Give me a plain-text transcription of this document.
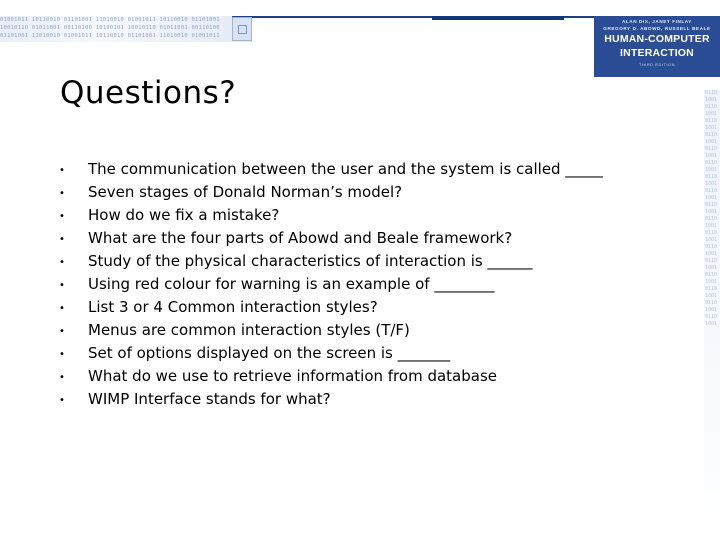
01001011 10110010 01101001 11010010 01001011 10110010 01101001
10010110 01011001 00110100 10100101 10010110 01011001 00110100
01101001 11010010 01001011 10110010 01101001 11010010 01001011
ALAN DIX, JANET FINLAY
GREGORY D. ABOWD, RUSSELL BEALE
HUMAN-COMPUTER
INTERACTION
THIRD EDITION
0110100101101001011010010110100101101001011010010110100101101001011010010110100101101001011010010110100101101001011010010110100101101001
Questions?
• The communication between the user and the system is called _____
• Seven stages of Donald Norman’s model?
• How do we fix a mistake?
• What are the four parts of Abowd and Beale framework?
• Study of the physical characteristics of interaction is ______
• Using red colour for warning is an example of ________
• List 3 or 4 Common interaction styles?
• Menus are common interaction styles (T/F)
• Set of options displayed on the screen is _______
• What do we use to retrieve information from database
• WIMP Interface stands for what?
